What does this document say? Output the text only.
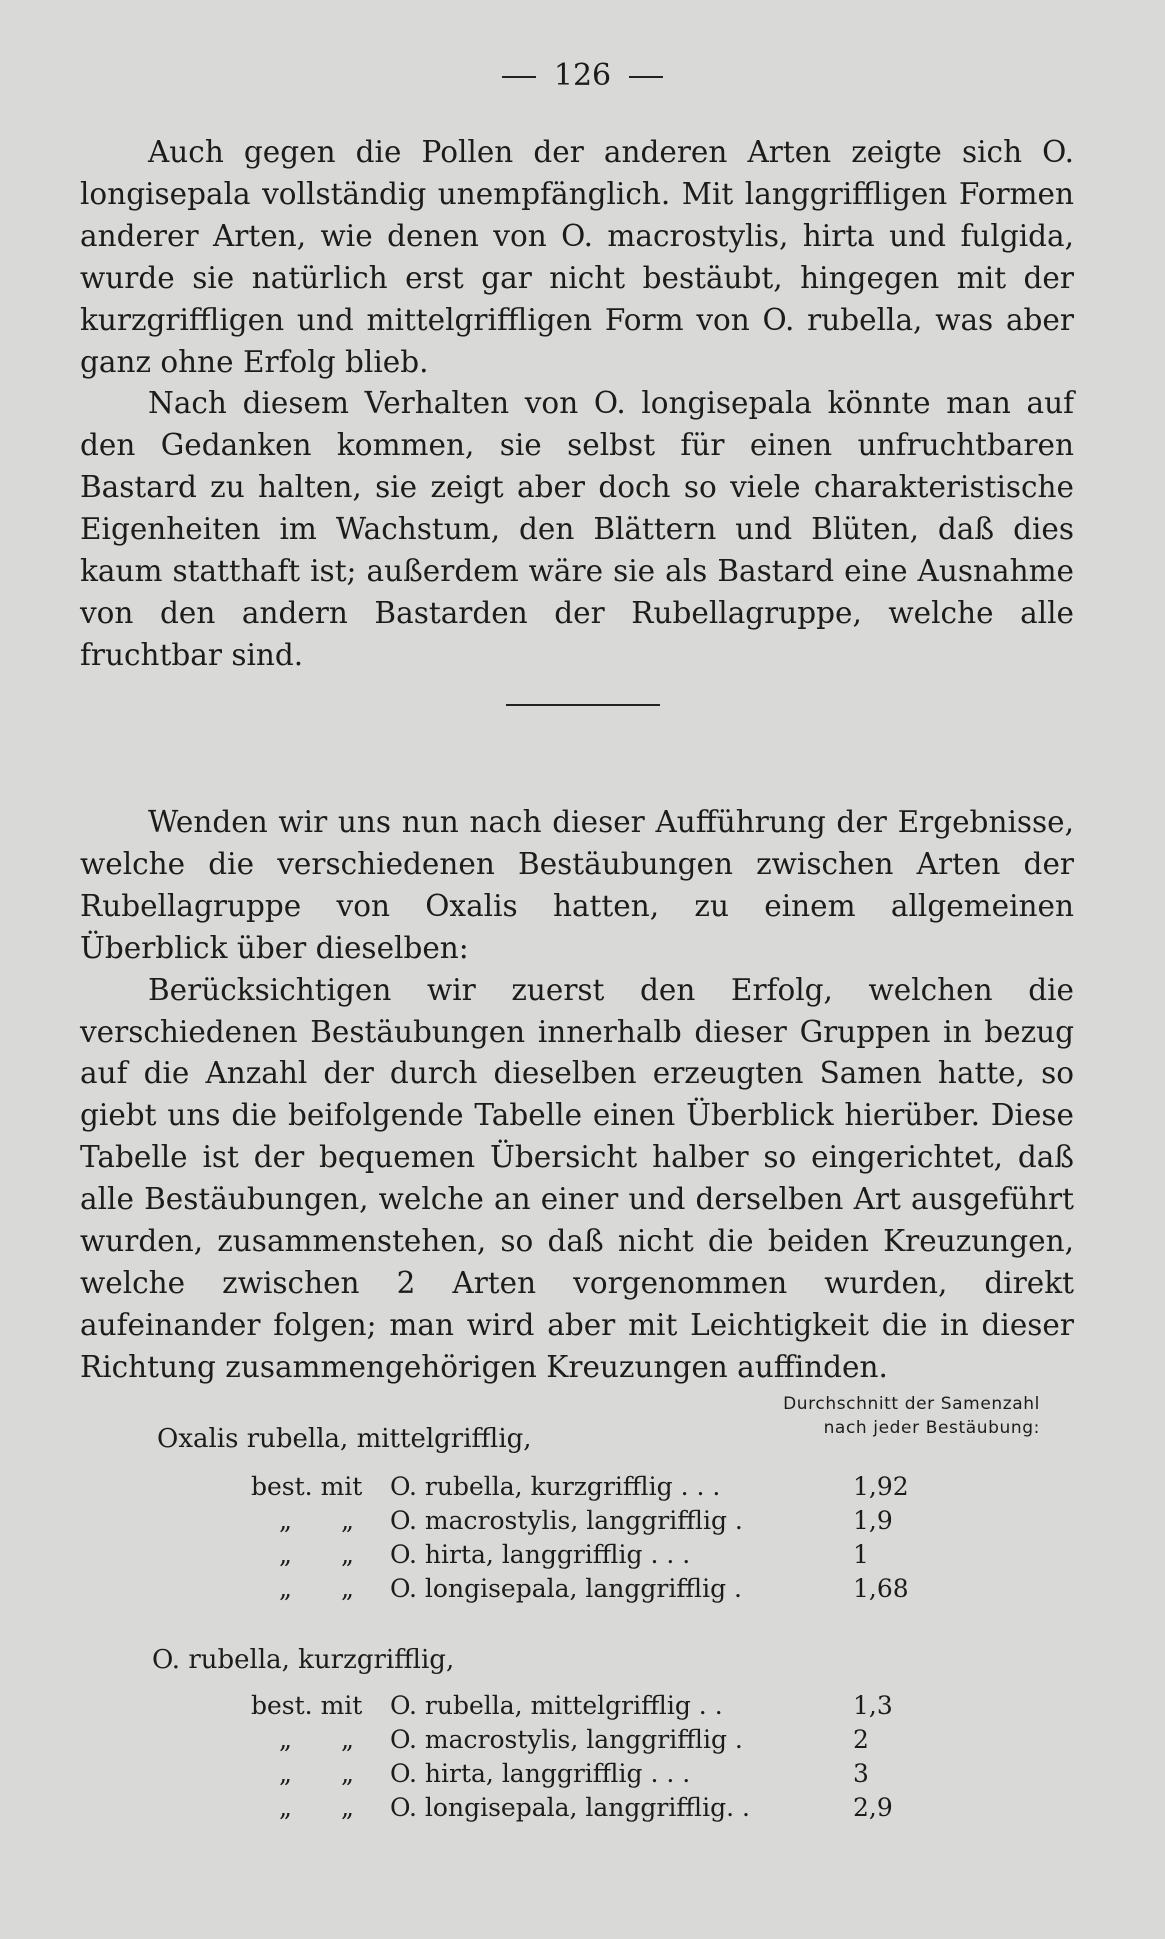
126

Auch gegen die Pollen der anderen Arten zeigte sich O. longisepala vollständig unempfänglich. Mit langgriffligen Formen anderer Arten, wie denen von O. macrostylis, hirta und fulgida, wurde sie natürlich erst gar nicht bestäubt, hingegen mit der kurzgriffligen und mittelgriffligen Form von O. rubella, was aber ganz ohne Erfolg blieb.

Nach diesem Verhalten von O. longisepala könnte man auf den Gedanken kommen, sie selbst für einen unfruchtbaren Bastard zu halten, sie zeigt aber doch so viele charakteristische Eigenheiten im Wachstum, den Blättern und Blüten, daß dies kaum statthaft ist; außerdem wäre sie als Bastard eine Ausnahme von den andern Bastarden der Rubellagruppe, welche alle fruchtbar sind.

Wenden wir uns nun nach dieser Aufführung der Ergebnisse, welche die verschiedenen Bestäubungen zwischen Arten der Rubellagruppe von Oxalis hatten, zu einem allgemeinen Überblick über dieselben:

Berücksichtigen wir zuerst den Erfolg, welchen die verschiedenen Bestäubungen innerhalb dieser Gruppen in bezug auf die Anzahl der durch dieselben erzeugten Samen hatte, so giebt uns die beifolgende Tabelle einen Überblick hierüber. Diese Tabelle ist der bequemen Übersicht halber so eingerichtet, daß alle Bestäubungen, welche an einer und derselben Art ausgeführt wurden, zusammenstehen, so daß nicht die beiden Kreuzungen, welche zwischen 2 Arten vorgenommen wurden, direkt aufeinander folgen; man wird aber mit Leichtigkeit die in dieser Richtung zusammengehörigen Kreuzungen auffinden.

Durchschnitt der Samenzahl
nach jeder Bestäubung:
Oxalis rubella, mittelgrifflig,
best. mit O. rubella, kurzgrifflig . . .	1,92
„ „ O. macrostylis, langgrifflig .	1,9
„ „ O. hirta, langgrifflig . . .	1
„ „ O. longisepala, langgrifflig .	1,68
O. rubella, kurzgrifflig,
best. mit O. rubella, mittelgrifflig . .	1,3
„ „ O. macrostylis, langgrifflig .	2
„ „ O. hirta, langgrifflig . . .	3
„ „ O. longisepala, langgrifflig. .	2,9
